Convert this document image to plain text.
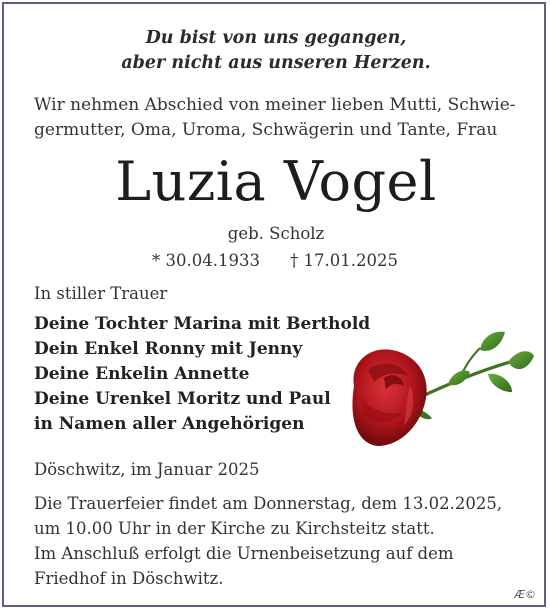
Du bist von uns gegangen,
aber nicht aus unseren Herzen.
Wir nehmen Abschied von meiner lieben Mutti, Schwie-
germutter, Oma, Uroma, Schwägerin und Tante, Frau
Luzia Vogel
geb. Scholz
* 30.04.1933 † 17.01.2025
In stiller Trauer
Deine Tochter Marina mit Berthold
Dein Enkel Ronny mit Jenny
Deine Enkelin Annette
Deine Urenkel Moritz und Paul
in Namen aller Angehörigen
Döschwitz, im Januar 2025
Die Trauerfeier findet am Donnerstag, dem 13.02.2025,
um 10.00 Uhr in der Kirche zu Kirchsteitz statt.
Im Anschluß erfolgt die Urnenbeisetzung auf dem
Friedhof in Döschwitz.
Æ©
